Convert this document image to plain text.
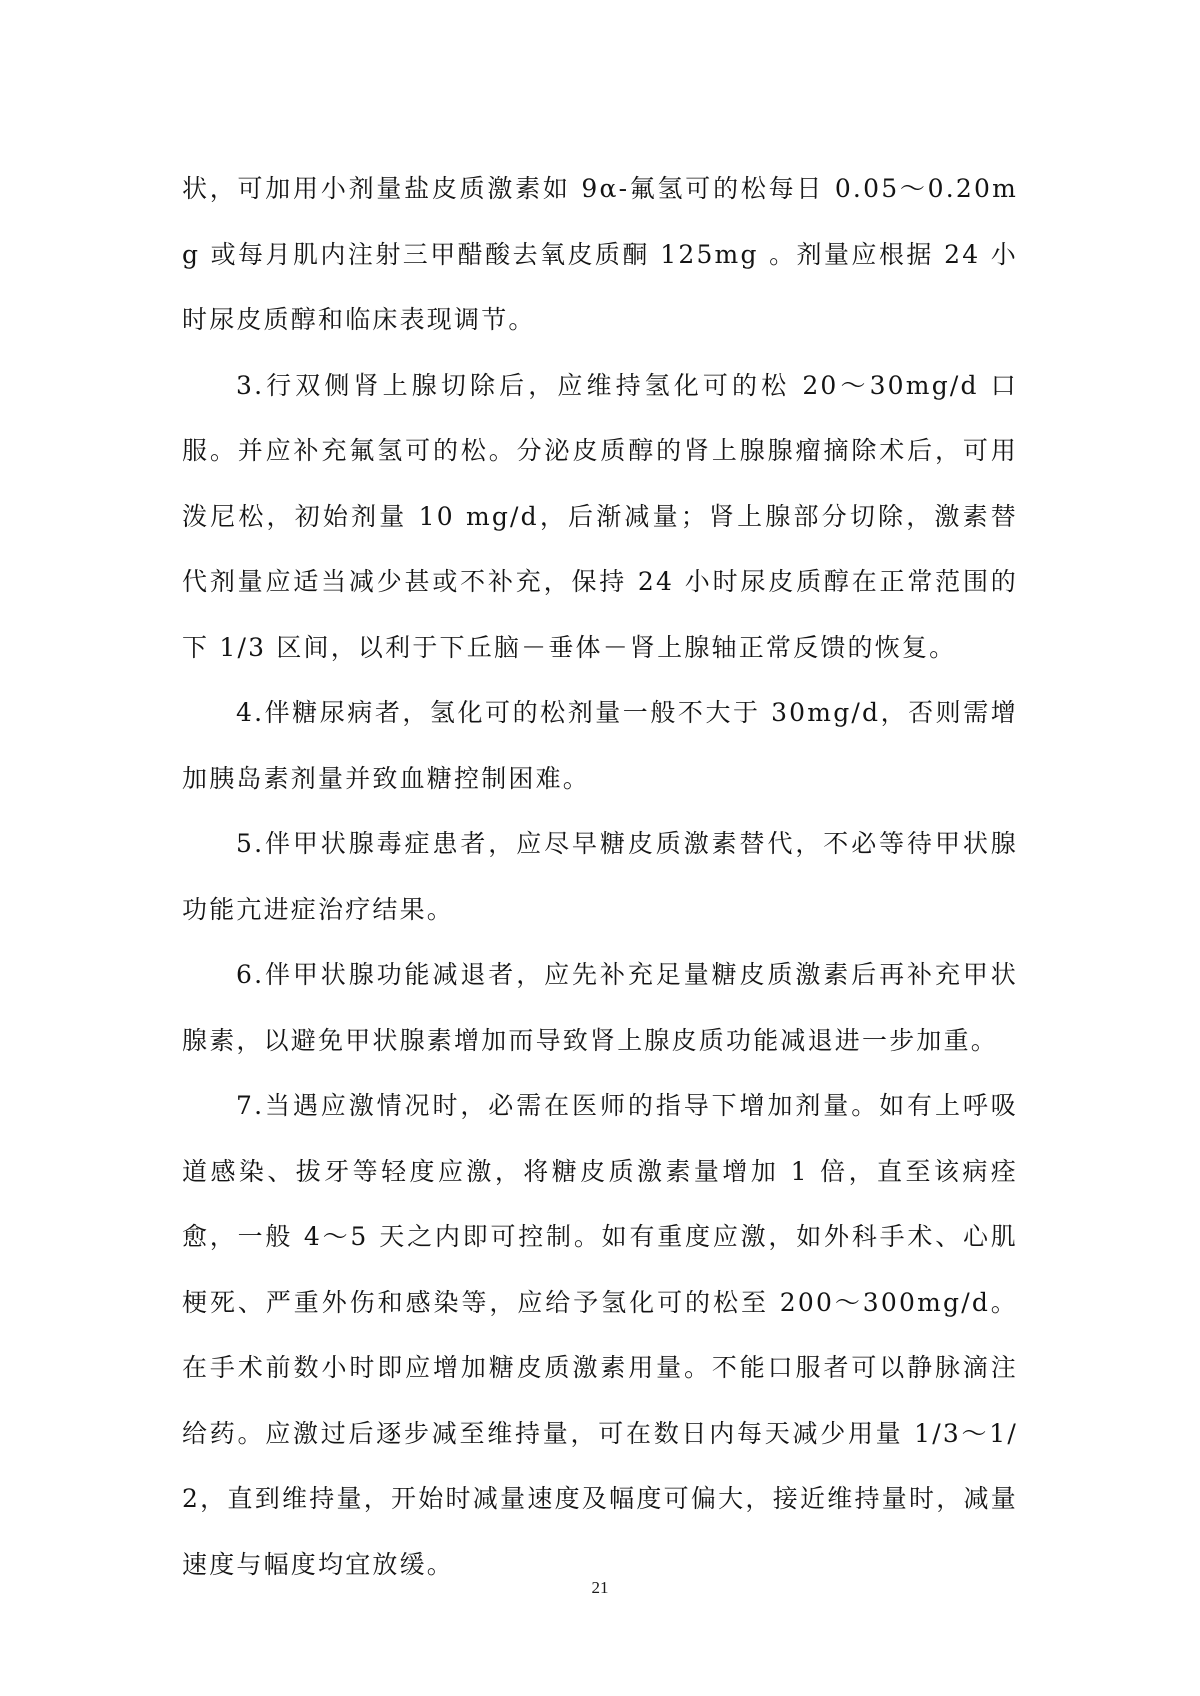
状，可加用小剂量盐皮质激素如 9α-氟氢可的松每日 0.05～0.20mg 或每月肌内注射三甲醋酸去氧皮质酮 125mg 。剂量应根据 24 小时尿皮质醇和临床表现调节。

3.行双侧肾上腺切除后，应维持氢化可的松 20～30mg/d 口服。并应补充氟氢可的松。分泌皮质醇的肾上腺腺瘤摘除术后，可用泼尼松，初始剂量 10 mg/d，后渐减量；肾上腺部分切除，激素替代剂量应适当减少甚或不补充，保持 24 小时尿皮质醇在正常范围的下 1/3 区间，以利于下丘脑－垂体－肾上腺轴正常反馈的恢复。

4.伴糖尿病者，氢化可的松剂量一般不大于 30mg/d，否则需增加胰岛素剂量并致血糖控制困难。

5.伴甲状腺毒症患者，应尽早糖皮质激素替代，不必等待甲状腺功能亢进症治疗结果。

6.伴甲状腺功能减退者，应先补充足量糖皮质激素后再补充甲状腺素，以避免甲状腺素增加而导致肾上腺皮质功能减退进一步加重。

7.当遇应激情况时，必需在医师的指导下增加剂量。如有上呼吸道感染、拔牙等轻度应激，将糖皮质激素量增加 1 倍，直至该病痊愈，一般 4～5 天之内即可控制。如有重度应激，如外科手术、心肌梗死、严重外伤和感染等，应给予氢化可的松至 200～300mg/d。在手术前数小时即应增加糖皮质激素用量。不能口服者可以静脉滴注给药。应激过后逐步减至维持量，可在数日内每天减少用量 1/3～1/2，直到维持量，开始时减量速度及幅度可偏大，接近维持量时，减量速度与幅度均宜放缓。

21
